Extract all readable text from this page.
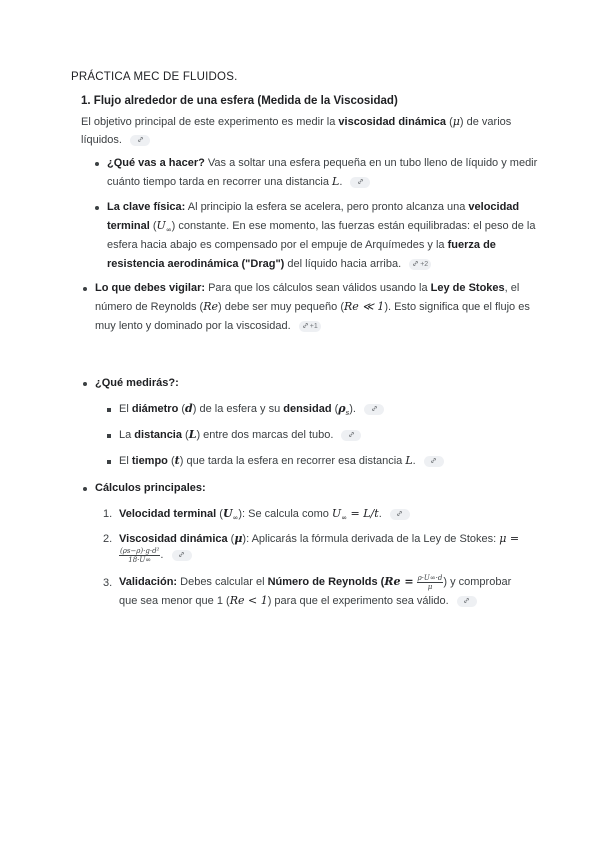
PRÁCTICA MEC DE FLUIDOS.
1. Flujo alrededor de una esfera (Medida de la Viscosidad)
El objetivo principal de este experimento es medir la viscosidad dinámica (μ) de varios
líquidos.
¿Qué vas a hacer? Vas a soltar una esfera pequeña en un tubo lleno de líquido y medir
cuánto tiempo tarda en recorrer una distancia L.
La clave física: Al principio la esfera se acelera, pero pronto alcanza una velocidad
terminal $(U_\infty)$ constante. En ese momento, las fuerzas están equilibradas: el peso de la
esfera hacia abajo es compensado por el empuje de Arquímedes y la fuerza de
resistencia aerodinámica ("Drag") del líquido hacia arriba.	+2
Lo que debes vigilar: Para que los cálculos sean válidos usando la Ley de Stokes, el
número de Reynolds (Re) debe ser muy pequeño (Re ≪ 1). Esto significa que el flujo es
muy lento y dominado por la viscosidad.	+1
¿Qué medirás?:
El diámetro (d) de la esfera y su densidad $(\rho_s)$.
La distancia (L) entre dos marcas del tubo.
El tiempo (t) que tarda la esfera en recorrer esa distancia L.
Cálculos principales:
1. Velocidad terminal $(U_\infty)$: Se calcula como $U_\infty = L/t$.
2. Viscosidad dinámica (μ): Aplicarás la fórmula derivada de la Ley de Stokes: μ =
$\frac{\text{(ρs−ρ)·g·d²}}{18\cdot U\infty}$ .
3. Validación: Debes calcular el Número de Reynolds ($Re = \frac{\rho\cdot U\infty\cdot d}{\mu}$ ) y comprobar
que sea menor que 1 (Re < 1) para que el experimento sea válido.
